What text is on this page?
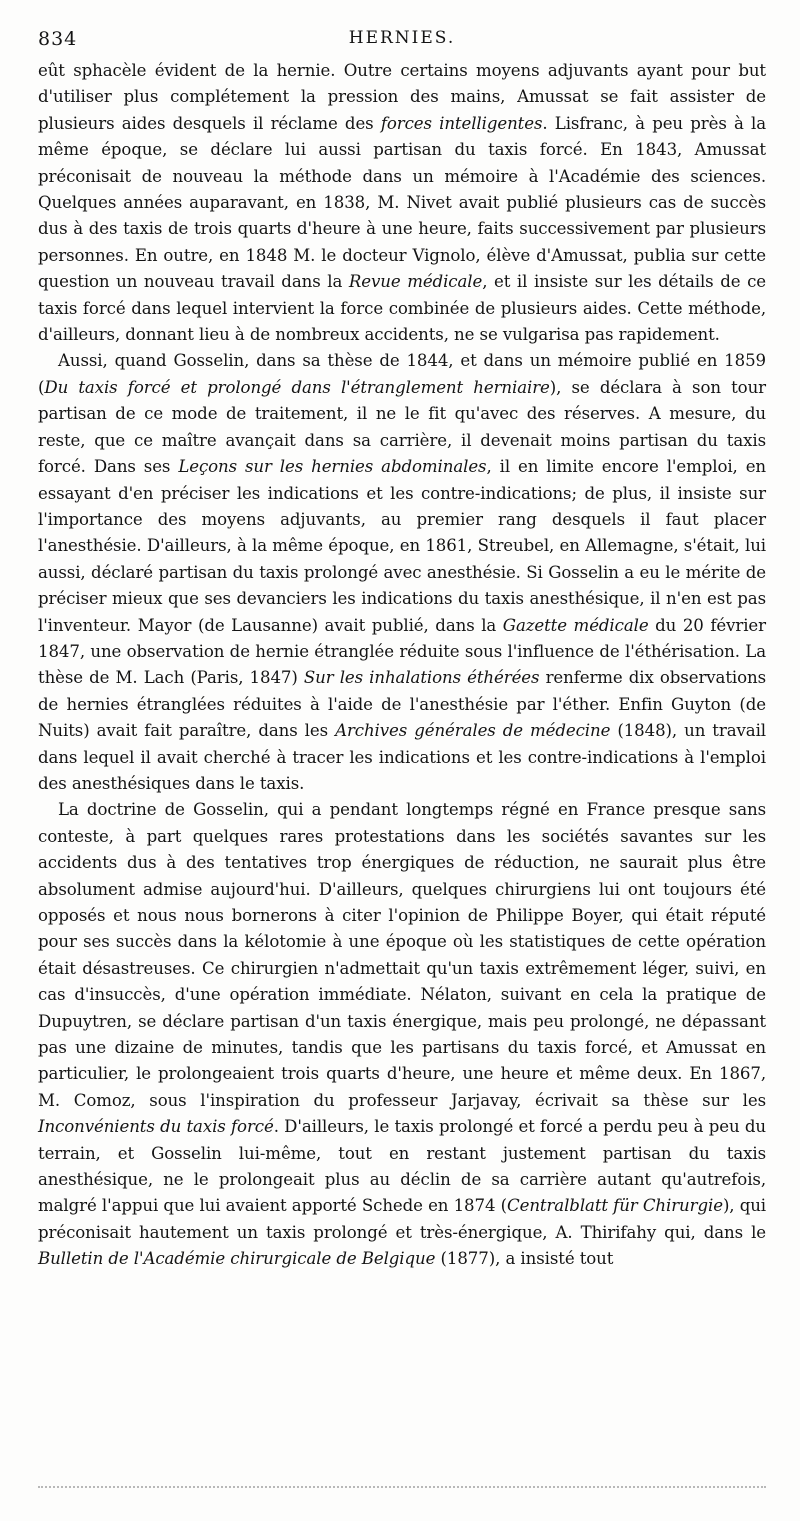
834	HERNIES.

eût sphacèle évident de la hernie. Outre certains moyens adjuvants ayant pour but d'utiliser plus complétement la pression des mains, Amussat se fait assister de plusieurs aides desquels il réclame des forces intelligentes. Lisfranc, à peu près à la même époque, se déclare lui aussi partisan du taxis forcé. En 1843, Amussat préconisait de nouveau la méthode dans un mémoire à l'Académie des sciences. Quelques années auparavant, en 1838, M. Nivet avait publié plusieurs cas de succès dus à des taxis de trois quarts d'heure à une heure, faits successivement par plusieurs personnes. En outre, en 1848 M. le docteur Vignolo, élève d'Amussat, publia sur cette question un nouveau travail dans la Revue médicale, et il insiste sur les détails de ce taxis forcé dans lequel intervient la force combinée de plusieurs aides. Cette méthode, d'ailleurs, donnant lieu à de nombreux accidents, ne se vulgarisa pas rapidement.

Aussi, quand Gosselin, dans sa thèse de 1844, et dans un mémoire publié en 1859 (Du taxis forcé et prolongé dans l'étranglement herniaire), se déclara à son tour partisan de ce mode de traitement, il ne le fit qu'avec des réserves. A mesure, du reste, que ce maître avançait dans sa carrière, il devenait moins partisan du taxis forcé. Dans ses Leçons sur les hernies abdominales, il en limite encore l'emploi, en essayant d'en préciser les indications et les contre-indications; de plus, il insiste sur l'importance des moyens adjuvants, au premier rang desquels il faut placer l'anesthésie. D'ailleurs, à la même époque, en 1861, Streubel, en Allemagne, s'était, lui aussi, déclaré partisan du taxis prolongé avec anesthésie. Si Gosselin a eu le mérite de préciser mieux que ses devanciers les indications du taxis anesthésique, il n'en est pas l'inventeur. Mayor (de Lausanne) avait publié, dans la Gazette médicale du 20 février 1847, une observation de hernie étranglée réduite sous l'influence de l'éthérisation. La thèse de M. Lach (Paris, 1847) Sur les inhalations éthérées renferme dix observations de hernies étranglées réduites à l'aide de l'anesthésie par l'éther. Enfin Guyton (de Nuits) avait fait paraître, dans les Archives générales de médecine (1848), un travail dans lequel il avait cherché à tracer les indications et les contre-indications à l'emploi des anesthésiques dans le taxis.

La doctrine de Gosselin, qui a pendant longtemps régné en France presque sans conteste, à part quelques rares protestations dans les sociétés savantes sur les accidents dus à des tentatives trop énergiques de réduction, ne saurait plus être absolument admise aujourd'hui. D'ailleurs, quelques chirurgiens lui ont toujours été opposés et nous nous bornerons à citer l'opinion de Philippe Boyer, qui était réputé pour ses succès dans la kélotomie à une époque où les statistiques de cette opération était désastreuses. Ce chirurgien n'admettait qu'un taxis extrêmement léger, suivi, en cas d'insuccès, d'une opération immédiate. Nélaton, suivant en cela la pratique de Dupuytren, se déclare partisan d'un taxis énergique, mais peu prolongé, ne dépassant pas une dizaine de minutes, tandis que les partisans du taxis forcé, et Amussat en particulier, le prolongeaient trois quarts d'heure, une heure et même deux. En 1867, M. Comoz, sous l'inspiration du professeur Jarjavay, écrivait sa thèse sur les Inconvénients du taxis forcé. D'ailleurs, le taxis prolongé et forcé a perdu peu à peu du terrain, et Gosselin lui-même, tout en restant justement partisan du taxis anesthésique, ne le prolongeait plus au déclin de sa carrière autant qu'autrefois, malgré l'appui que lui avaient apporté Schede en 1874 (Centralblatt für Chirurgie), qui préconisait hautement un taxis prolongé et très-énergique, A. Thirifahy qui, dans le Bulletin de l'Académie chirurgicale de Belgique (1877), a insisté tout
